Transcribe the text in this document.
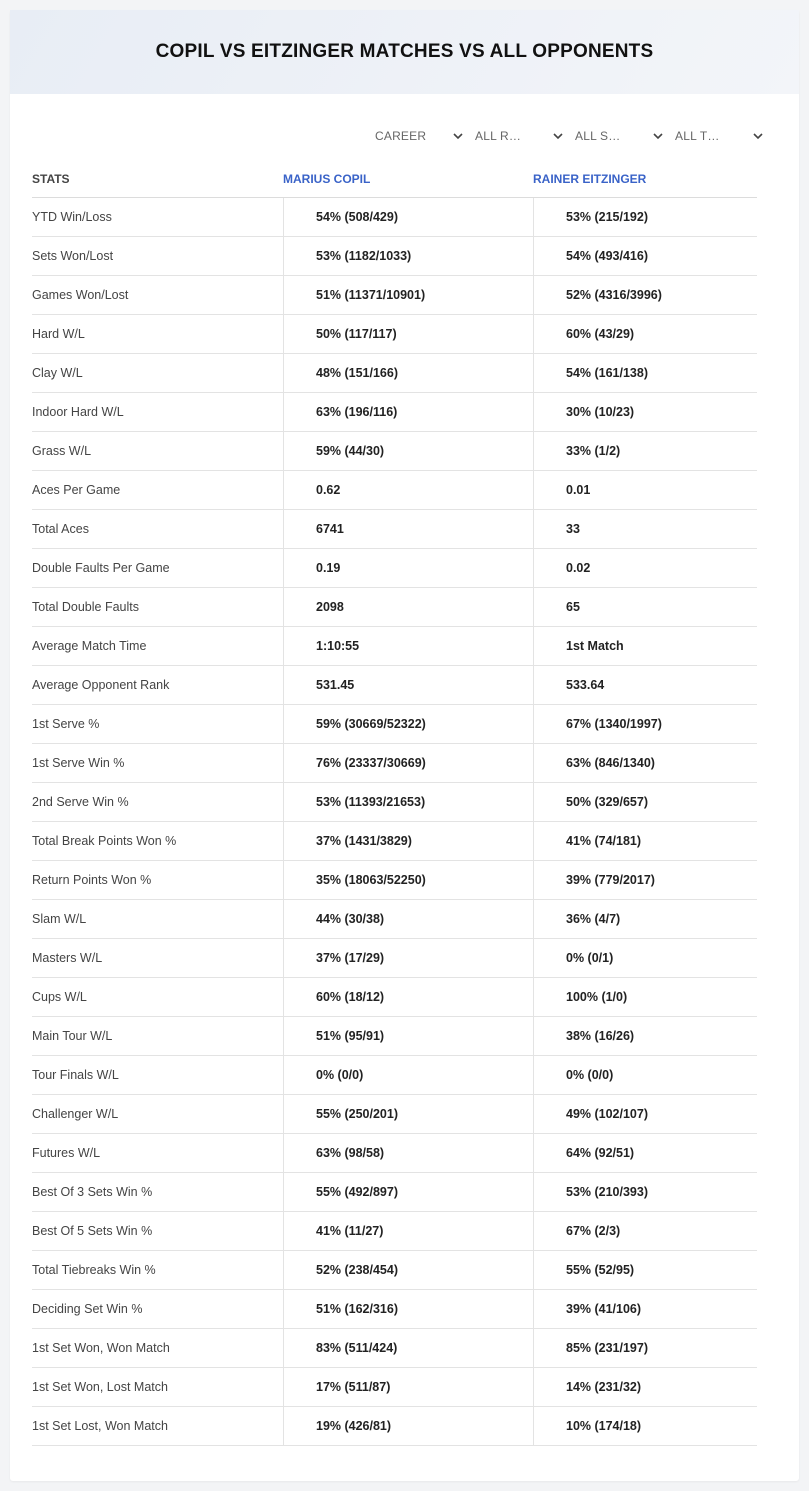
COPIL VS EITZINGER MATCHES VS ALL OPPONENTS
CAREER	ALL R…	ALL S…	ALL T…
STATS	MARIUS COPIL	RAINER EITZINGER
YTD Win/Loss	54% (508/429)	53% (215/192)
Sets Won/Lost	53% (1182/1033)	54% (493/416)
Games Won/Lost	51% (11371/10901)	52% (4316/3996)
Hard W/L	50% (117/117)	60% (43/29)
Clay W/L	48% (151/166)	54% (161/138)
Indoor Hard W/L	63% (196/116)	30% (10/23)
Grass W/L	59% (44/30)	33% (1/2)
Aces Per Game	0.62	0.01
Total Aces	6741	33
Double Faults Per Game	0.19	0.02
Total Double Faults	2098	65
Average Match Time	1:10:55	1st Match
Average Opponent Rank	531.45	533.64
1st Serve %	59% (30669/52322)	67% (1340/1997)
1st Serve Win %	76% (23337/30669)	63% (846/1340)
2nd Serve Win %	53% (11393/21653)	50% (329/657)
Total Break Points Won %	37% (1431/3829)	41% (74/181)
Return Points Won %	35% (18063/52250)	39% (779/2017)
Slam W/L	44% (30/38)	36% (4/7)
Masters W/L	37% (17/29)	0% (0/1)
Cups W/L	60% (18/12)	100% (1/0)
Main Tour W/L	51% (95/91)	38% (16/26)
Tour Finals W/L	0% (0/0)	0% (0/0)
Challenger W/L	55% (250/201)	49% (102/107)
Futures W/L	63% (98/58)	64% (92/51)
Best Of 3 Sets Win %	55% (492/897)	53% (210/393)
Best Of 5 Sets Win %	41% (11/27)	67% (2/3)
Total Tiebreaks Win %	52% (238/454)	55% (52/95)
Deciding Set Win %	51% (162/316)	39% (41/106)
1st Set Won, Won Match	83% (511/424)	85% (231/197)
1st Set Won, Lost Match	17% (511/87)	14% (231/32)
1st Set Lost, Won Match	19% (426/81)	10% (174/18)
